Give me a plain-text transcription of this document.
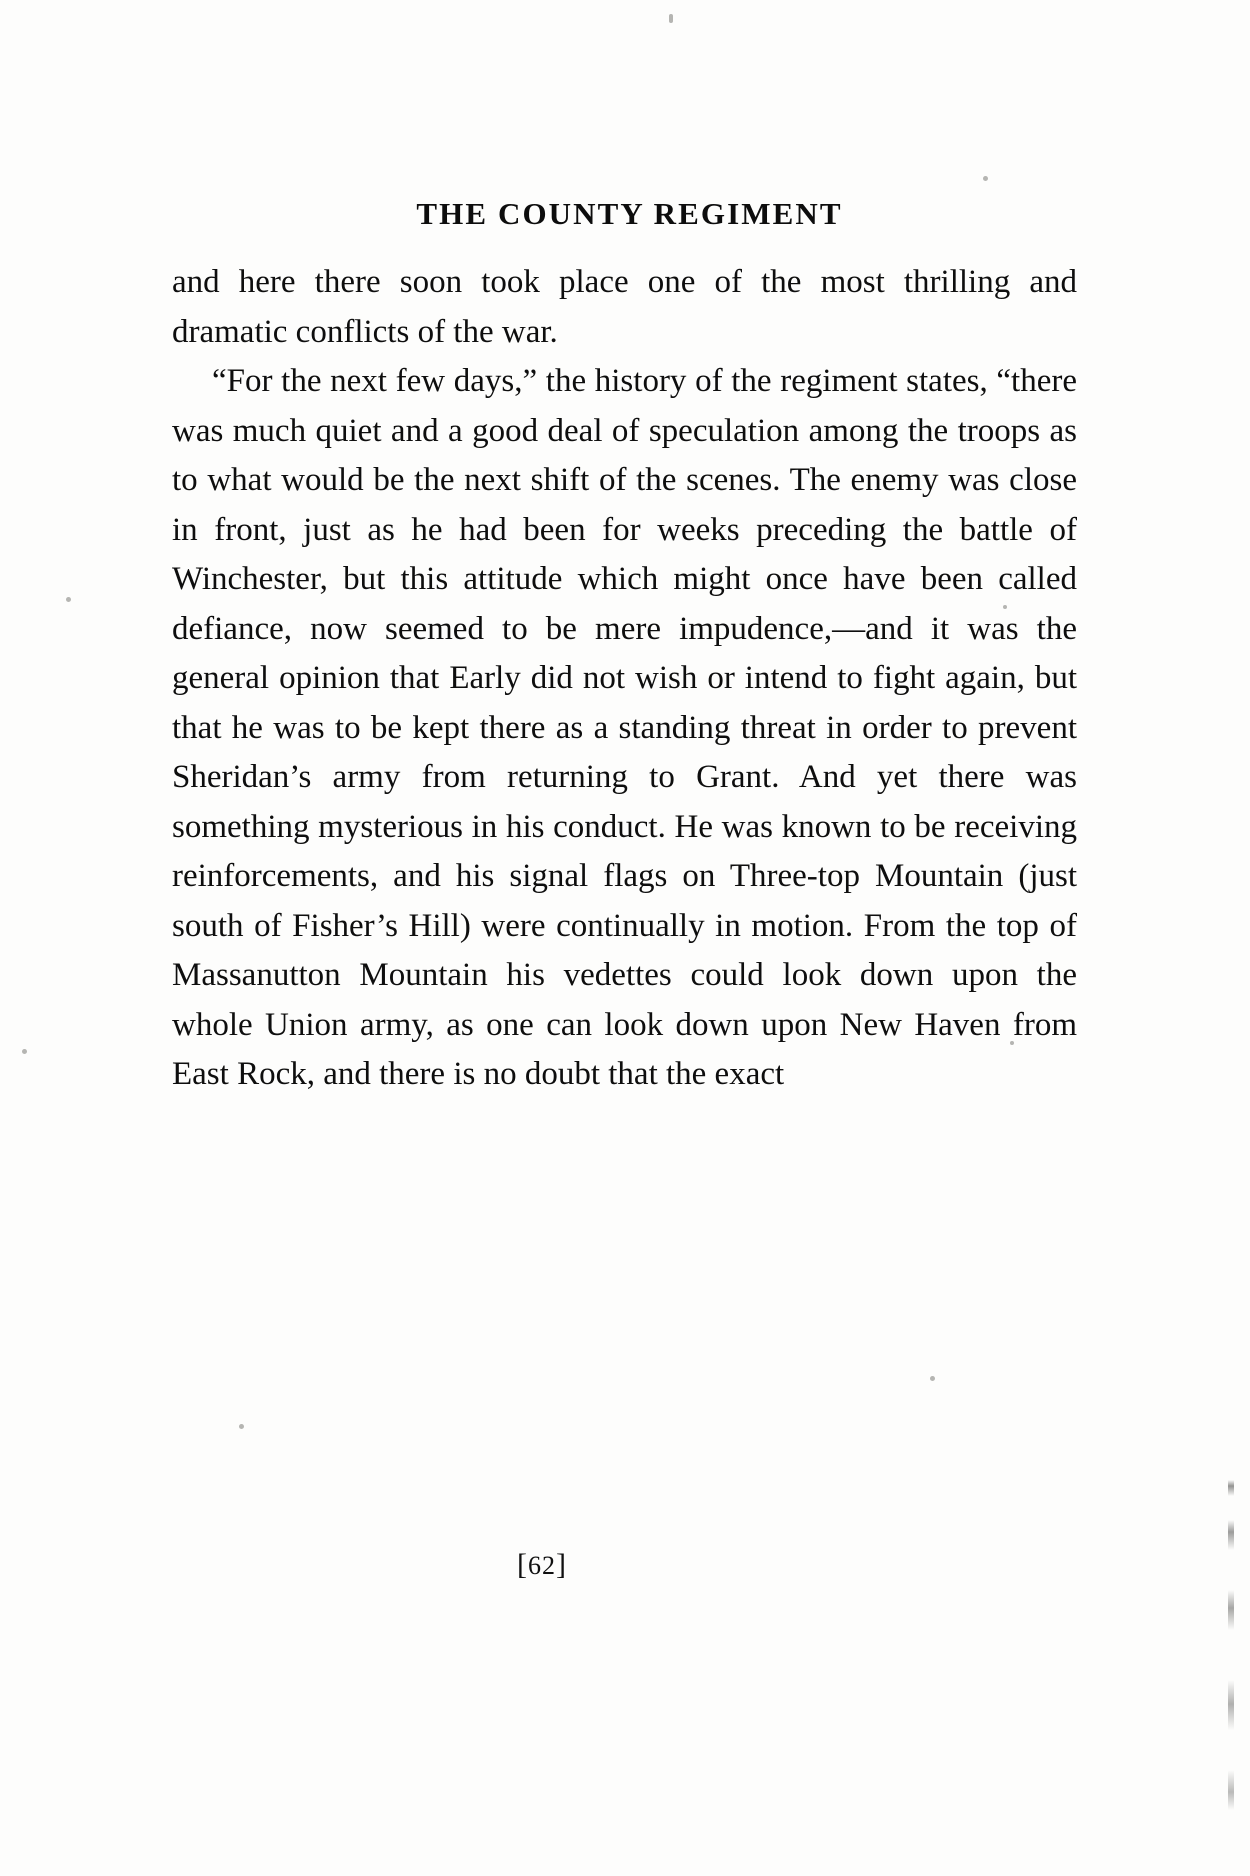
THE COUNTY REGIMENT

and here there soon took place one of the most thrilling and dramatic conflicts of the war.

“For the next few days,” the history of the regiment states, “there was much quiet and a good deal of speculation among the troops as to what would be the next shift of the scenes. The enemy was close in front, just as he had been for weeks preceding the battle of Winchester, but this attitude which might once have been called defiance, now seemed to be mere impudence,—and it was the general opinion that Early did not wish or intend to fight again, but that he was to be kept there as a standing threat in order to prevent Sheridan’s army from returning to Grant. And yet there was something mysterious in his conduct. He was known to be receiving reinforcements, and his signal flags on Three-top Mountain (just south of Fisher’s Hill) were continually in motion. From the top of Massanutton Mountain his vedettes could look down upon the whole Union army, as one can look down upon New Haven from East Rock, and there is no doubt that the exact

[62]
